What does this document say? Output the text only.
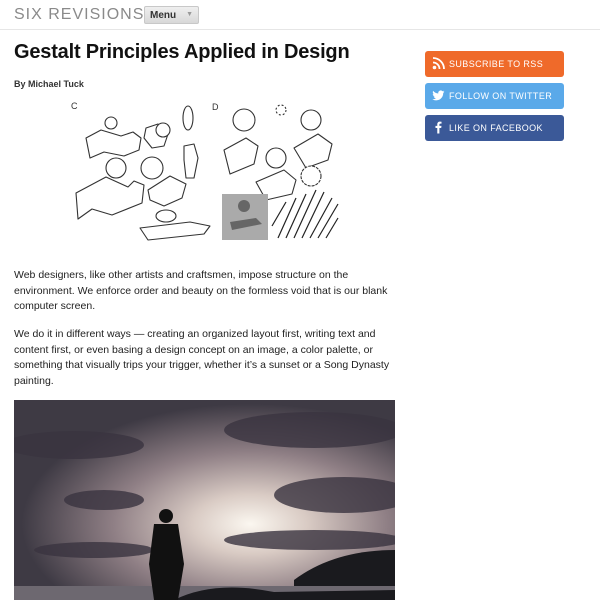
SIX REVISIONS Menu ▼
Gestalt Principles Applied in Design
By Michael Tuck
C	D

Web designers, like other artists and craftsmen, impose structure on the environment. We enforce order and beauty on the formless void that is our blank computer screen.

We do it in different ways — creating an organized layout first, writing text and content first, or even basing a design concept on an image, a color palette, or something that visually trips your trigger, whether it’s a sunset or a Song Dynasty painting.

SUBSCRIBE TO RSS
FOLLOW ON TWITTER
LIKE ON FACEBOOK
